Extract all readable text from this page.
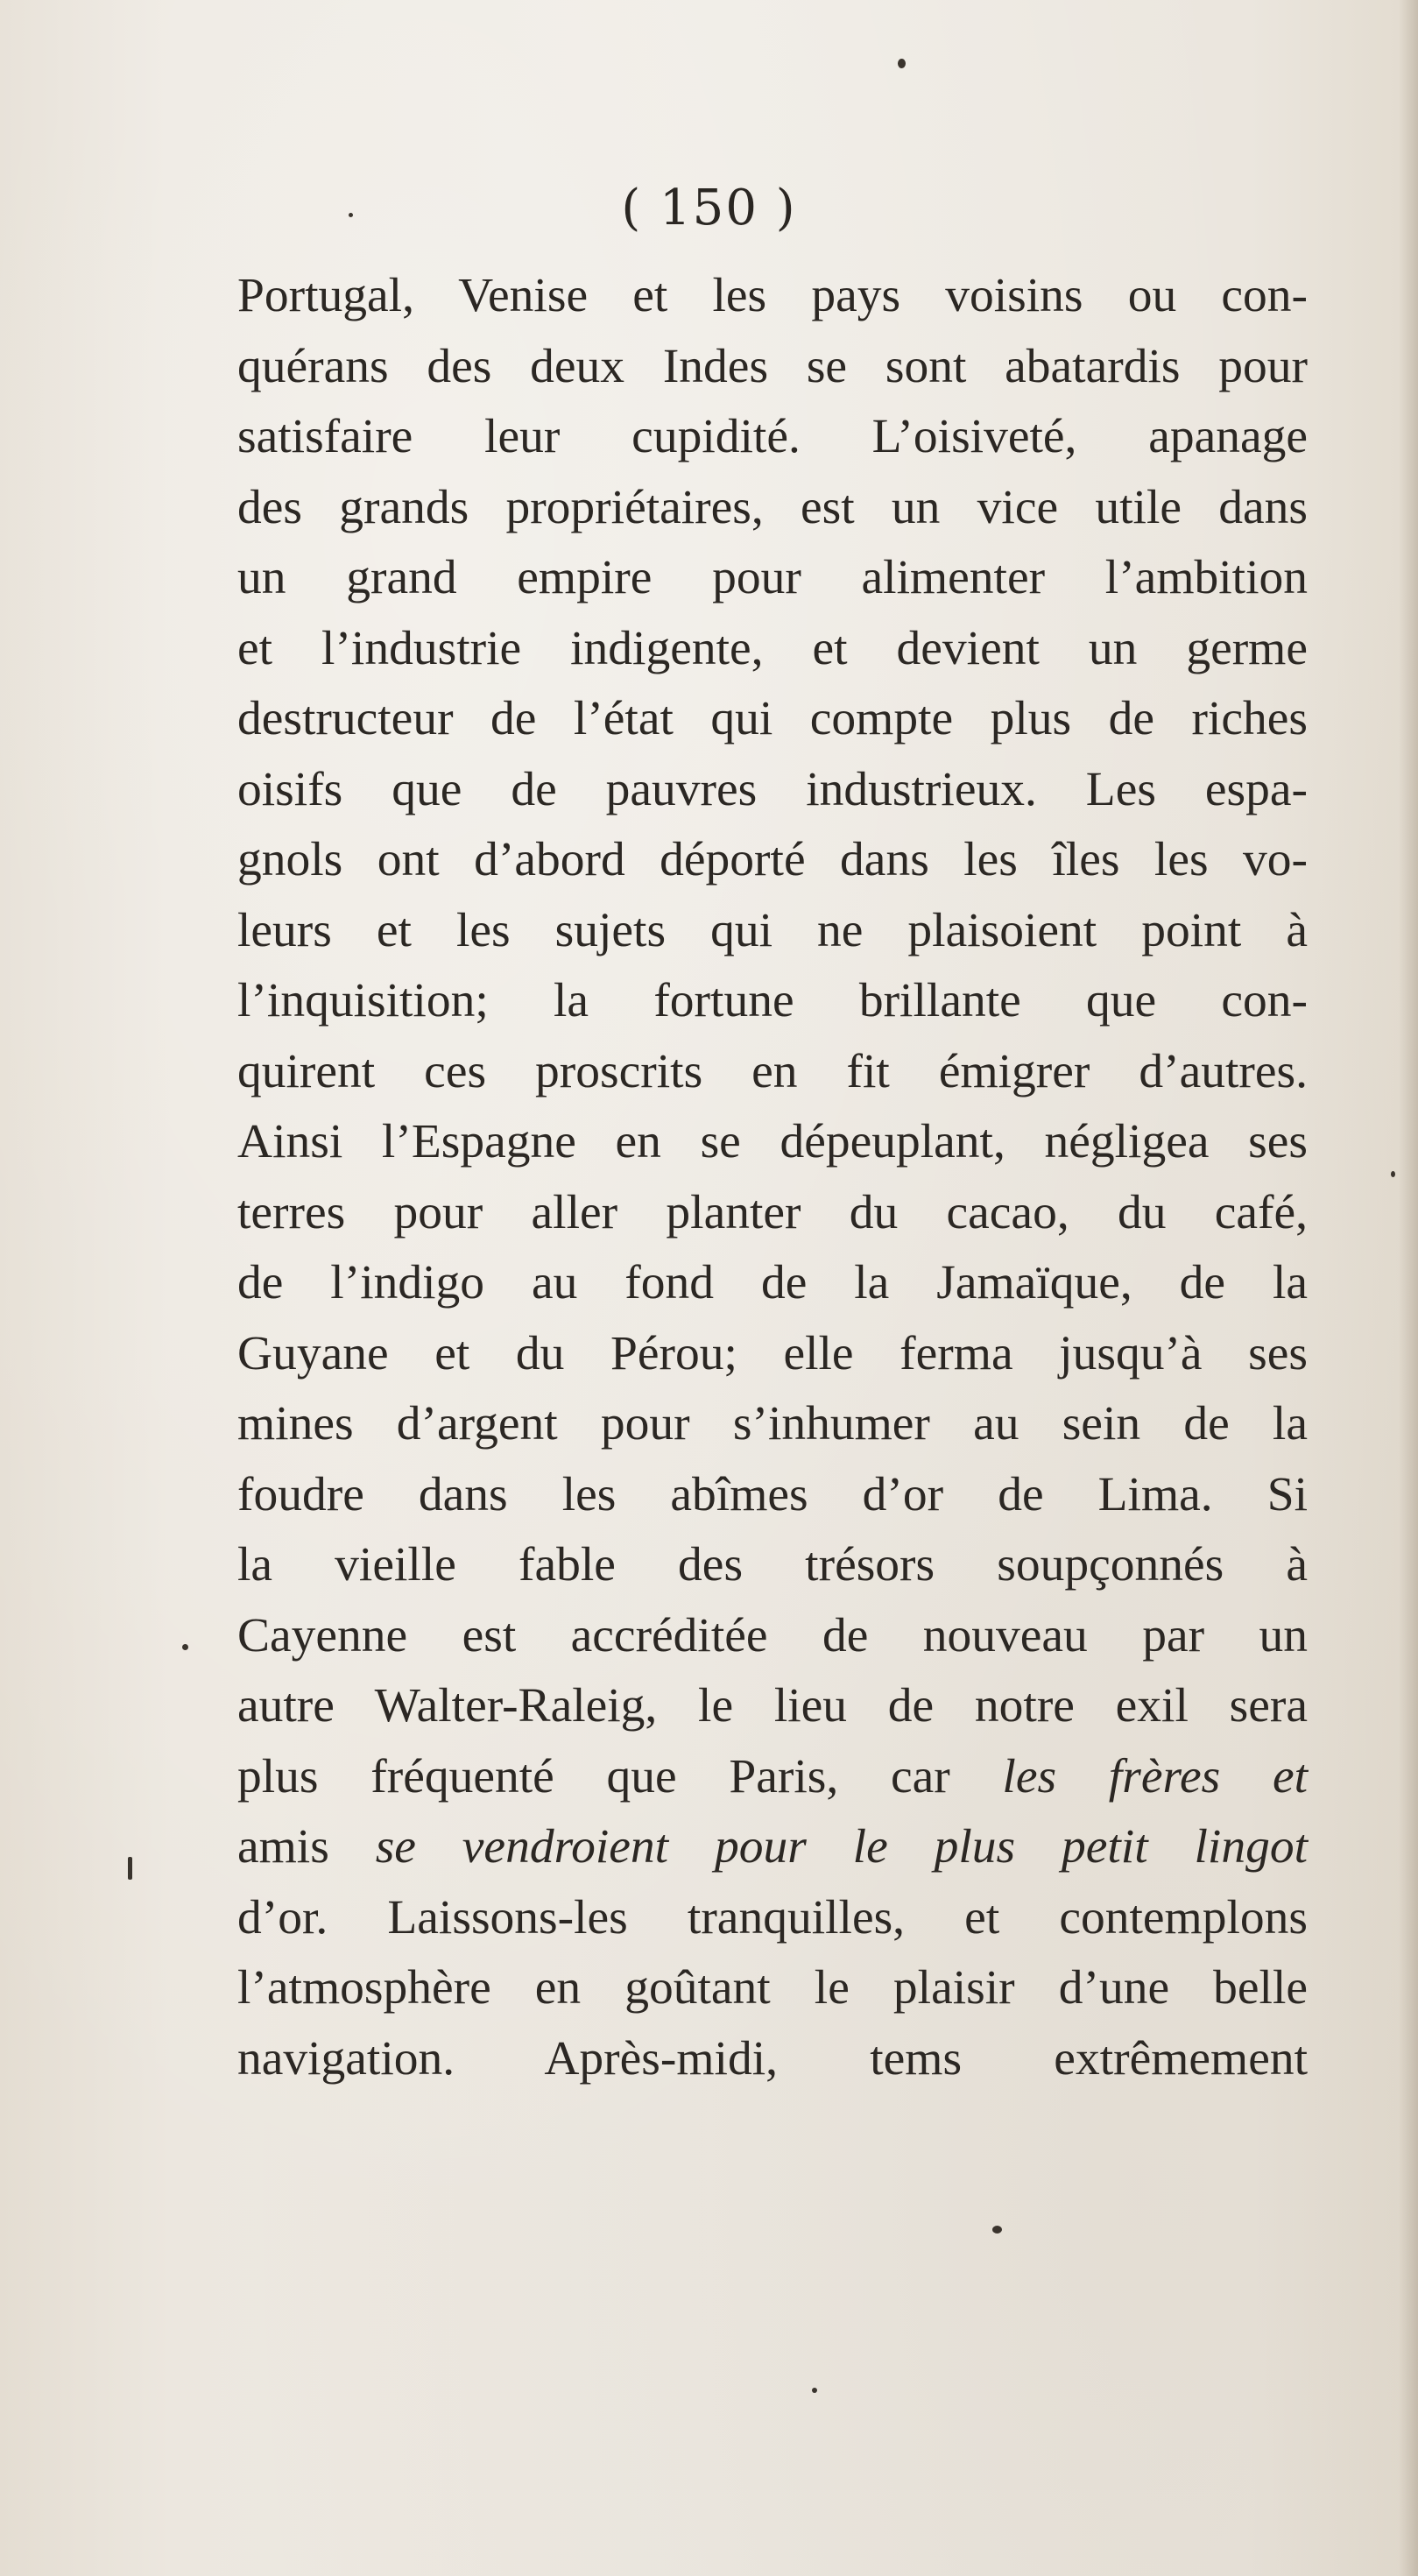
( 150 )
Portugal, Venise et les pays voisins ou con-
quérans des deux Indes se sont abatardis pour
satisfaire leur cupidité. L’oisiveté, apanage
des grands propriétaires, est un vice utile dans
un grand empire pour alimenter l’ambition
et l’industrie indigente, et devient un germe
destructeur de l’état qui compte plus de riches
oisifs que de pauvres industrieux. Les espa-
gnols ont d’abord déporté dans les îles les vo-
leurs et les sujets qui ne plaisoient point à
l’inquisition; la fortune brillante que con-
quirent ces proscrits en fit émigrer d’autres.
Ainsi l’Espagne en se dépeuplant, négligea ses
terres pour aller planter du cacao, du café,
de l’indigo au fond de la Jamaïque, de la
Guyane et du Pérou; elle ferma jusqu’à ses
mines d’argent pour s’inhumer au sein de la
foudre dans les abîmes d’or de Lima. Si
la vieille fable des trésors soupçonnés à
Cayenne est accréditée de nouveau par un
autre Walter-Raleig, le lieu de notre exil sera
plus fréquenté que Paris, car les frères et
amis se vendroient pour le plus petit lingot
d’or. Laissons-les tranquilles, et contemplons
l’atmosphère en goûtant le plaisir d’une belle
navigation. Après-midi, tems extrêmement
